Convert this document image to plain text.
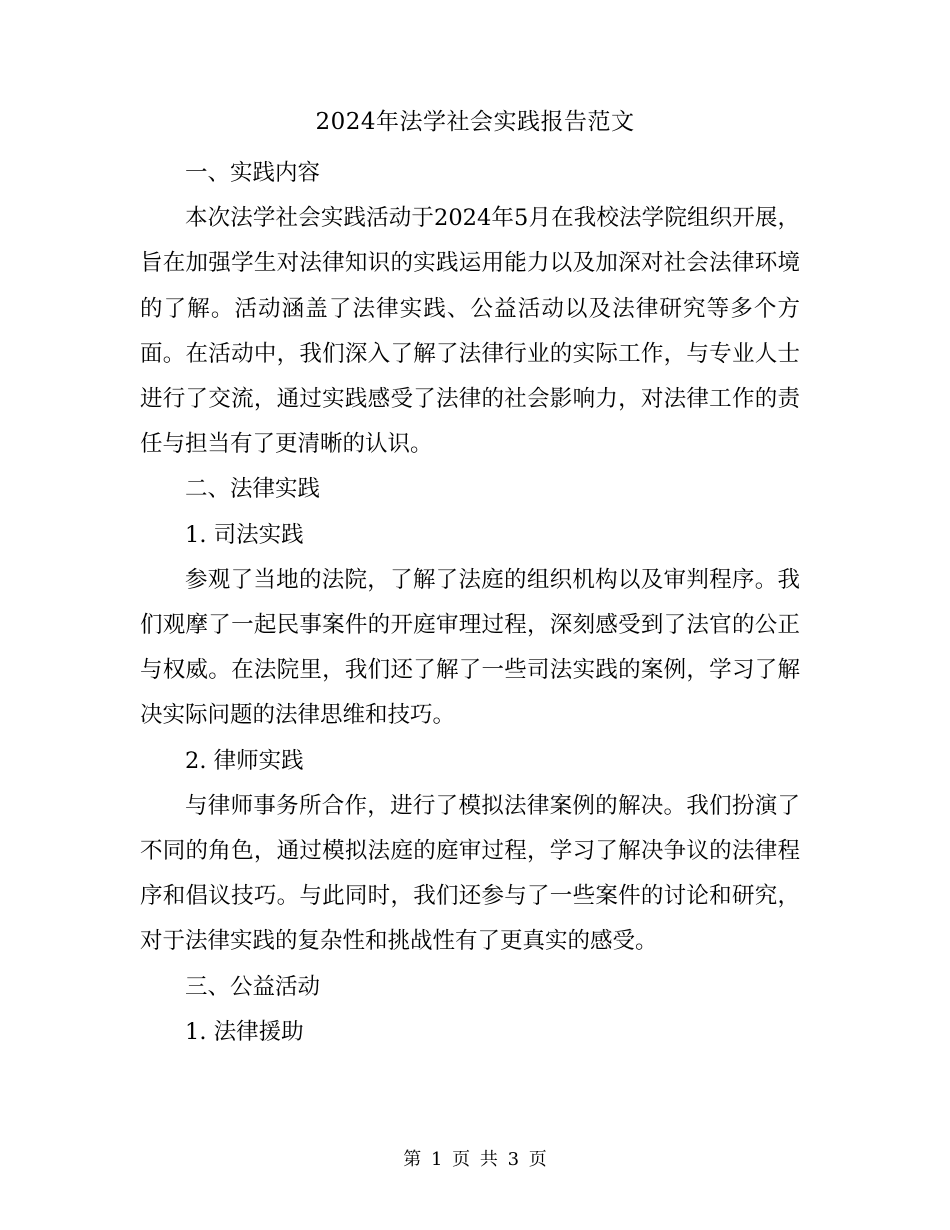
2024年法学社会实践报告范文

一、实践内容

本次法学社会实践活动于2024年5月在我校法学院组织开展，旨在加强学生对法律知识的实践运用能力以及加深对社会法律环境的了解。活动涵盖了法律实践、公益活动以及法律研究等多个方面。在活动中，我们深入了解了法律行业的实际工作，与专业人士进行了交流，通过实践感受了法律的社会影响力，对法律工作的责任与担当有了更清晰的认识。

二、法律实践

1. 司法实践

参观了当地的法院，了解了法庭的组织机构以及审判程序。我们观摩了一起民事案件的开庭审理过程，深刻感受到了法官的公正与权威。在法院里，我们还了解了一些司法实践的案例，学习了解决实际问题的法律思维和技巧。

2. 律师实践

与律师事务所合作，进行了模拟法律案例的解决。我们扮演了不同的角色，通过模拟法庭的庭审过程，学习了解决争议的法律程序和倡议技巧。与此同时，我们还参与了一些案件的讨论和研究，对于法律实践的复杂性和挑战性有了更真实的感受。

三、公益活动

1. 法律援助

第 1 页 共 3 页
